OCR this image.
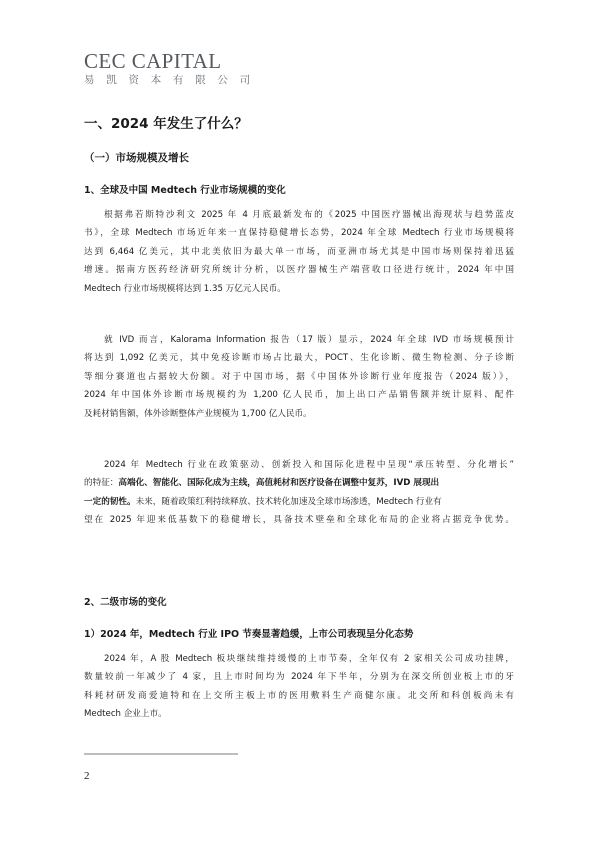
CEC CAPITAL
易 凯 资 本 有 限 公 司
一、2024 年发生了什么？
（一）市场规模及增长
1、全球及中国 Medtech 行业市场规模的变化
根据弗若斯特沙利文 2025 年 4 月底最新发布的《2025 中国医疗器械出海现状与趋势蓝皮
书》，全球 Medtech 市场近年来一直保持稳健增长态势，2024 年全球 Medtech 行业市场规模将
达到 6,464 亿美元，其中北美依旧为最大单一市场，而亚洲市场尤其是中国市场则保持着迅猛
增速。据南方医药经济研究所统计分析，以医疗器械生产端营收口径进行统计，2024 年中国
Medtech 行业市场规模将达到 1.35 万亿元人民币。
就 IVD 而言，Kalorama Information 报告（17 版）显示，2024 年全球 IVD 市场规模预计
将达到 1,092 亿美元，其中免疫诊断市场占比最大，POCT、生化诊断、微生物检测、分子诊断
等细分赛道也占据较大份额。对于中国市场，据《中国体外诊断行业年度报告（2024 版）》，
2024 年中国体外诊断市场规模约为 1,200 亿人民币，加上出口产品销售额并统计原料、配件
及耗材销售额，体外诊断整体产业规模为 1,700 亿人民币。
2024 年 Medtech 行业在政策驱动、创新投入和国际化进程中呈现“承压转型、分化增长”
的特征：高端化、智能化、国际化成为主线，高值耗材和医疗设备在调整中复苏，IVD 展现出
一定的韧性。未来，随着政策红利持续释放、技术转化加速及全球市场渗透，Medtech 行业有
望在 2025 年迎来低基数下的稳健增长，具备技术壁垒和全球化布局的企业将占据竞争优势。
2、二级市场的变化
1）2024 年，Medtech 行业 IPO 节奏显著趋缓，上市公司表现呈分化态势
2024 年，A 股 Medtech 板块继续维持缓慢的上市节奏，全年仅有 2 家相关公司成功挂牌，
数量较前一年减少了 4 家，且上市时间均为 2024 年下半年，分别为在深交所创业板上市的牙
科耗材研发商爱迪特和在上交所主板上市的医用敷料生产商健尔康。北交所和科创板尚未有
Medtech 企业上市。
2
